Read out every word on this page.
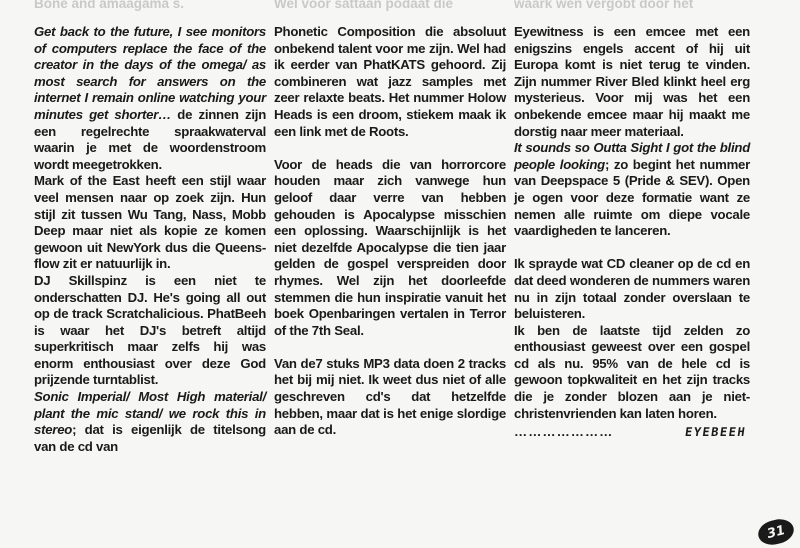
Bone and amaagama s.	Wel voor sattaan podaat die	waark wen vergobt door het

Get back to the future, I see monitors of computers replace the face of the creator in the days of the omega/ as most search for answers on the internet I remain online watching your minutes get shorter… de zinnen zijn een regelrechte spraakwaterval waarin je met de woordenstroom wordt meegetrokken.

Mark of the East heeft een stijl waar veel mensen naar op zoek zijn. Hun stijl zit tussen Wu Tang, Nass, Mobb Deep maar niet als kopie ze komen gewoon uit NewYork dus die Queens-flow zit er natuurlijk in.

DJ Skillspinz is een niet te onderschatten DJ. He's going all out op de track Scratchalicious. PhatBeeh is waar het DJ's betreft altijd superkritisch maar zelfs hij was enorm enthousiast over deze God prijzende turntablist.

Sonic Imperial/ Most High material/ plant the mic stand/ we rock this in stereo; dat is eigenlijk de titelsong van de cd van

Phonetic Composition die absoluut onbekend talent voor me zijn. Wel had ik eerder van PhatKATS gehoord. Zij combineren wat jazz samples met zeer relaxte beats. Het nummer Holow Heads is een droom, stiekem maak ik een link met de Roots.

Voor de heads die van horrorcore houden maar zich vanwege hun geloof daar verre van hebben gehouden is Apocalypse misschien een oplossing. Waarschijnlijk is het niet dezelfde Apocalypse die tien jaar gelden de gospel verspreiden door rhymes. Wel zijn het doorleefde stemmen die hun inspiratie vanuit het boek Openbaringen vertalen in Terror of the 7th Seal.

Van de7 stuks MP3 data doen 2 tracks het bij mij niet. Ik weet dus niet of alle geschreven cd's dat hetzelfde hebben, maar dat is het enige slordige aan de cd.

Eyewitness is een emcee met een enigszins engels accent of hij uit Europa komt is niet terug te vinden. Zijn nummer River Bled klinkt heel erg mysterieus. Voor mij was het een onbekende emcee maar hij maakt me dorstig naar meer materiaal.

It sounds so Outta Sight I got the blind people looking; zo begint het nummer van Deepspace 5 (Pride & SEV). Open je ogen voor deze formatie want ze nemen alle ruimte om diepe vocale vaardigheden te lanceren.

Ik sprayde wat CD cleaner op de cd en dat deed wonderen de nummers waren nu in zijn totaal zonder overslaan te beluisteren.

Ik ben de laatste tijd zelden zo enthousiast geweest over een gospel cd als nu. 95% van de hele cd is gewoon topkwaliteit en het zijn tracks die je zonder blozen aan je niet-christenvrienden kan laten horen.

…………………	EYEBEEH
31
